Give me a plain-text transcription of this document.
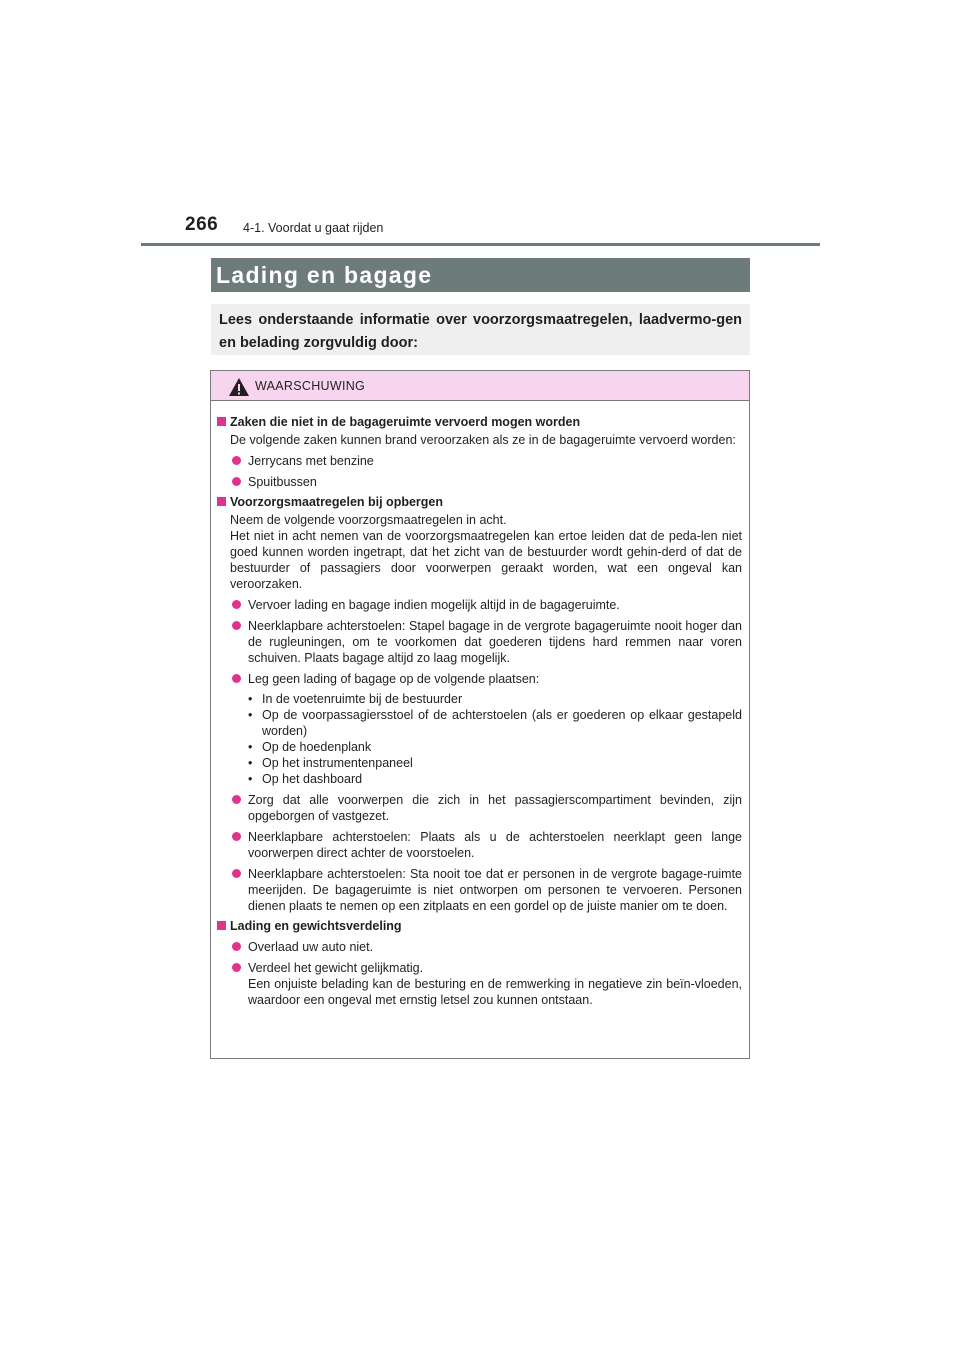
266 4-1. Voordat u gaat rijden
Lading en bagage
Lees onderstaande informatie over voorzorgsmaatregelen, laadvermo-gen en belading zorgvuldig door:
WAARSCHUWING
Zaken die niet in de bagageruimte vervoerd mogen worden
De volgende zaken kunnen brand veroorzaken als ze in de bagageruimte vervoerd worden:
Jerrycans met benzine
Spuitbussen
Voorzorgsmaatregelen bij opbergen
Neem de volgende voorzorgsmaatregelen in acht.
Het niet in acht nemen van de voorzorgsmaatregelen kan ertoe leiden dat de peda-len niet goed kunnen worden ingetrapt, dat het zicht van de bestuurder wordt gehin-derd of dat de bestuurder of passagiers door voorwerpen geraakt worden, wat een ongeval kan veroorzaken.
Vervoer lading en bagage indien mogelijk altijd in de bagageruimte.
Neerklapbare achterstoelen: Stapel bagage in de vergrote bagageruimte nooit hoger dan de rugleuningen, om te voorkomen dat goederen tijdens hard remmen naar voren schuiven. Plaats bagage altijd zo laag mogelijk.
Leg geen lading of bagage op de volgende plaatsen:
• In de voetenruimte bij de bestuurder
• Op de voorpassagiersstoel of de achterstoelen (als er goederen op elkaar gestapeld worden)
• Op de hoedenplank
• Op het instrumentenpaneel
• Op het dashboard
Zorg dat alle voorwerpen die zich in het passagierscompartiment bevinden, zijn opgeborgen of vastgezet.
Neerklapbare achterstoelen: Plaats als u de achterstoelen neerklapt geen lange voorwerpen direct achter de voorstoelen.
Neerklapbare achterstoelen: Sta nooit toe dat er personen in de vergrote bagage-ruimte meerijden. De bagageruimte is niet ontworpen om personen te vervoeren. Personen dienen plaats te nemen op een zitplaats en een gordel op de juiste manier om te doen.
Lading en gewichtsverdeling
Overlaad uw auto niet.
Verdeel het gewicht gelijkmatig.
Een onjuiste belading kan de besturing en de remwerking in negatieve zin beïn-vloeden, waardoor een ongeval met ernstig letsel zou kunnen ontstaan.
